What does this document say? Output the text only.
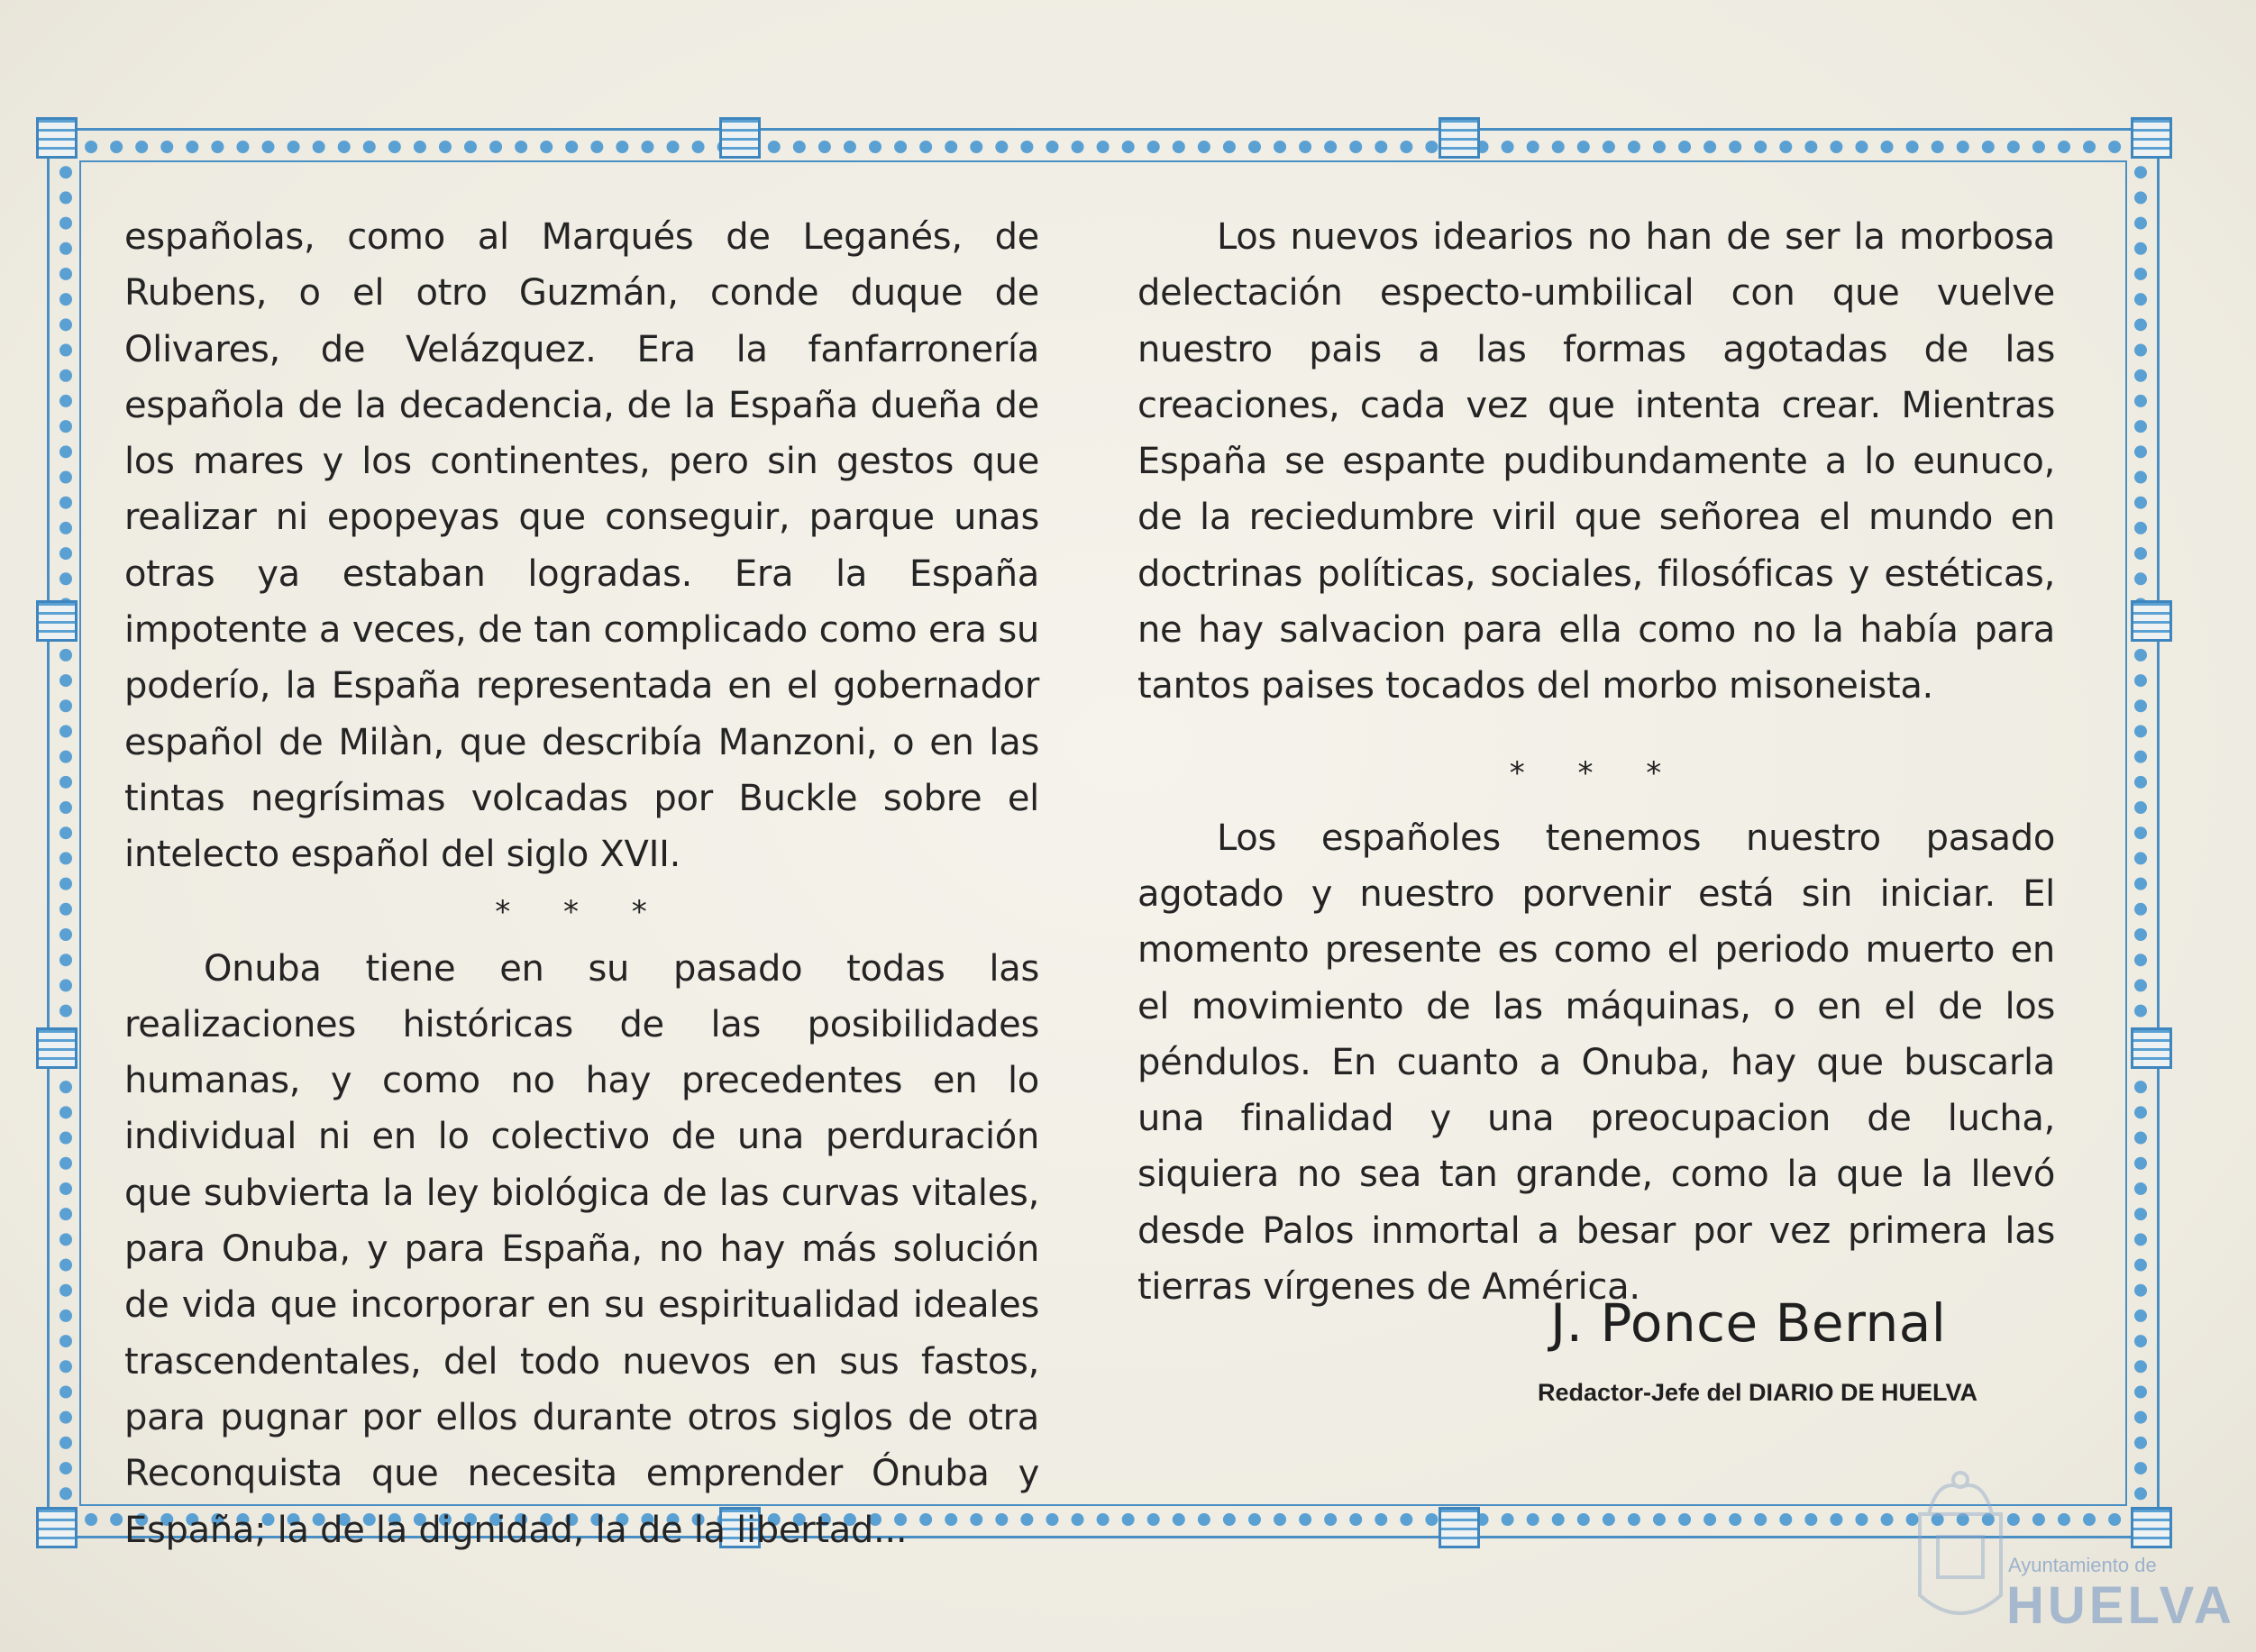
españolas, como al Marqués de Leganés, de Rubens, o el otro Guzmán, conde duque de Olivares, de Velázquez. Era la fanfarronería española de la decadencia, de la España dueña de los mares y los continentes, pero sin gestos que realizar ni epopeyas que conseguir, parque unas otras ya estaban logradas. Era la España impotente a veces, de tan complicado como era su poderío, la España representada en el gobernador español de Milàn, que describía Manzoni, o en las tintas negrísimas volcadas por Buckle sobre el intelecto español del siglo XVII.

* * *

Onuba tiene en su pasado todas las realizaciones históricas de las posibilidades humanas, y como no hay precedentes en lo individual ni en lo colectivo de una perduración que subvierta la ley biológica de las curvas vitales, para Onuba, y para España, no hay más solución de vida que incorporar en su espiritualidad ideales trascendentales, del todo nuevos en sus fastos, para pugnar por ellos durante otros siglos de otra Reconquista que necesita emprender Ónuba y España; la de la dignidad, la de la libertad...

Los nuevos idearios no han de ser la morbosa delectación especto-umbilical con que vuelve nuestro pais a las formas agotadas de las creaciones, cada vez que intenta crear. Mientras España se espante pudibundamente a lo eunuco, de la reciedumbre viril que señorea el mundo en doctrinas políticas, sociales, filosóficas y estéticas, ne hay salvacion para ella como no la había para tantos paises tocados del morbo misoneista.

* * *

Los españoles tenemos nuestro pasado agotado y nuestro porvenir está sin iniciar. El momento presente es como el periodo muerto en el movimiento de las máquinas, o en el de los péndulos. En cuanto a Onuba, hay que buscarla una finalidad y una preocupacion de lucha, siquiera no sea tan grande, como la que la llevó desde Palos inmortal a besar por vez primera las tierras vírgenes de América.

J. Ponce Bernal
Redactor-Jefe del DIARIO DE HUELVA
Ayuntamiento de
HUELVA
